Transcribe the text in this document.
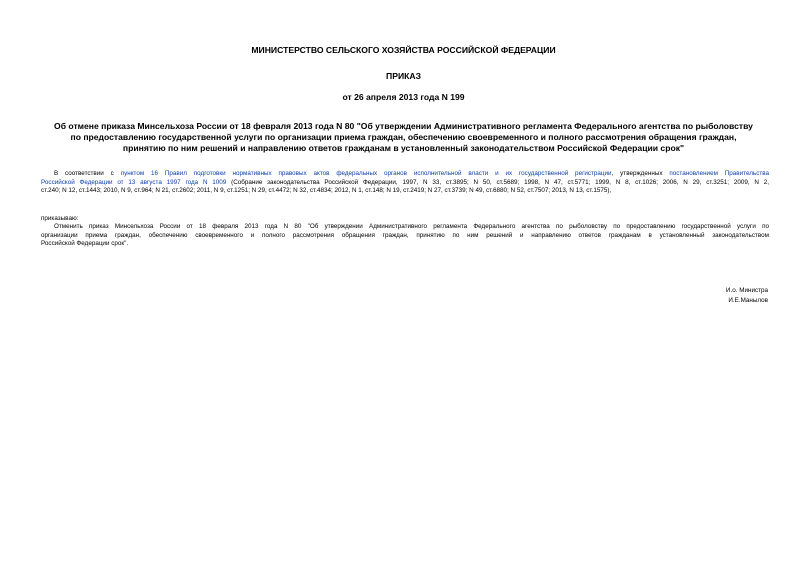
МИНИСТЕРСТВО СЕЛЬСКОГО ХОЗЯЙСТВА РОССИЙСКОЙ ФЕДЕРАЦИИ
ПРИКАЗ
от 26 апреля 2013 года N 199
Об отмене приказа Минсельхоза России от 18 февраля 2013 года N 80 "Об утверждении Административного регламента Федерального агентства по рыболовству
по предоставлению государственной услуги по организации приема граждан, обеспечению своевременного и полного рассмотрения обращения граждан,
принятию по ним решений и направлению ответов гражданам в установленный законодательством Российской Федерации срок"
В соответствии с пунктом 16 Правил подготовки нормативных правовых актов федеральных органов исполнительной власти и их государственной регистрации, утвержденных постановлением Правительства
Российской Федерации от 13 августа 1997 года N 1009 (Собрание законодательства Российской Федерации, 1997, N 33, ст.3895; N 50, ст.5689; 1998, N 47, ст.5771; 1999, N 8, ст.1026; 2006, N 29, ст.3251; 2009, N 2,
ст.240; N 12, ст.1443; 2010, N 9, ст.964; N 21, ст.2602; 2011, N 9, ст.1251; N 29, ст.4472; N 32, ст.4834; 2012, N 1, ст.148; N 19, ст.2419; N 27, ст.3739; N 49, ст.6880; N 52, ст.7507; 2013, N 13, ст.1575),
приказываю:
Отменить приказ Минсельхоза России от 18 февраля 2013 года N 80 "Об утверждении Административного регламента Федерального агентства по рыболовству по предоставлению государственной услуги по
организации приема граждан, обеспечению своевременного и полного рассмотрения обращения граждан, принятию по ним решений и направлению ответов гражданам в установленный законодательством
Российской Федерации срок".
И.о. Министра
И.Е.Манылов
